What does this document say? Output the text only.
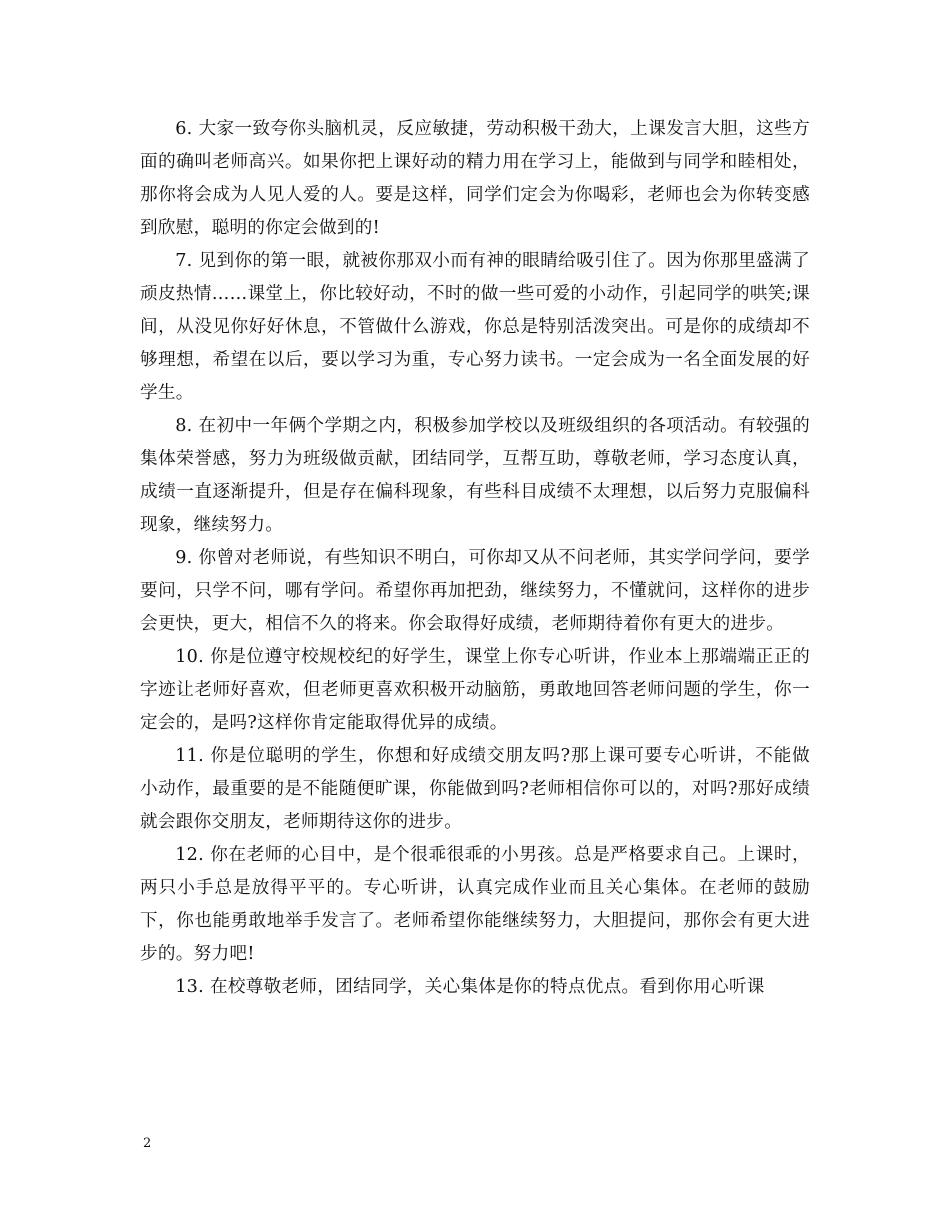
6. 大家一致夸你头脑机灵，反应敏捷，劳动积极干劲大，上课发言大胆，这些方面的确叫老师高兴。如果你把上课好动的精力用在学习上，能做到与同学和睦相处，那你将会成为人见人爱的人。要是这样，同学们定会为你喝彩，老师也会为你转变感到欣慰，聪明的你定会做到的!

7. 见到你的第一眼，就被你那双小而有神的眼睛给吸引住了。因为你那里盛满了顽皮热情……课堂上，你比较好动，不时的做一些可爱的小动作，引起同学的哄笑;课间，从没见你好好休息，不管做什么游戏，你总是特别活泼突出。可是你的成绩却不够理想，希望在以后，要以学习为重，专心努力读书。一定会成为一名全面发展的好学生。

8. 在初中一年俩个学期之内，积极参加学校以及班级组织的各项活动。有较强的集体荣誉感，努力为班级做贡献，团结同学，互帮互助，尊敬老师，学习态度认真，成绩一直逐渐提升，但是存在偏科现象，有些科目成绩不太理想，以后努力克服偏科现象，继续努力。

9. 你曾对老师说，有些知识不明白，可你却又从不问老师，其实学问学问，要学要问，只学不问，哪有学问。希望你再加把劲，继续努力，不懂就问，这样你的进步会更快，更大，相信不久的将来。你会取得好成绩，老师期待着你有更大的进步。

10. 你是位遵守校规校纪的好学生，课堂上你专心听讲，作业本上那端端正正的字迹让老师好喜欢，但老师更喜欢积极开动脑筋，勇敢地回答老师问题的学生，你一定会的，是吗?这样你肯定能取得优异的成绩。

11. 你是位聪明的学生，你想和好成绩交朋友吗?那上课可要专心听讲，不能做小动作，最重要的是不能随便旷课，你能做到吗?老师相信你可以的，对吗?那好成绩就会跟你交朋友，老师期待这你的进步。

12. 你在老师的心目中，是个很乖很乖的小男孩。总是严格要求自己。上课时，两只小手总是放得平平的。专心听讲，认真完成作业而且关心集体。在老师的鼓励下，你也能勇敢地举手发言了。老师希望你能继续努力，大胆提问，那你会有更大进步的。努力吧!

13. 在校尊敬老师，团结同学，关心集体是你的特点优点。看到你用心听课

2
